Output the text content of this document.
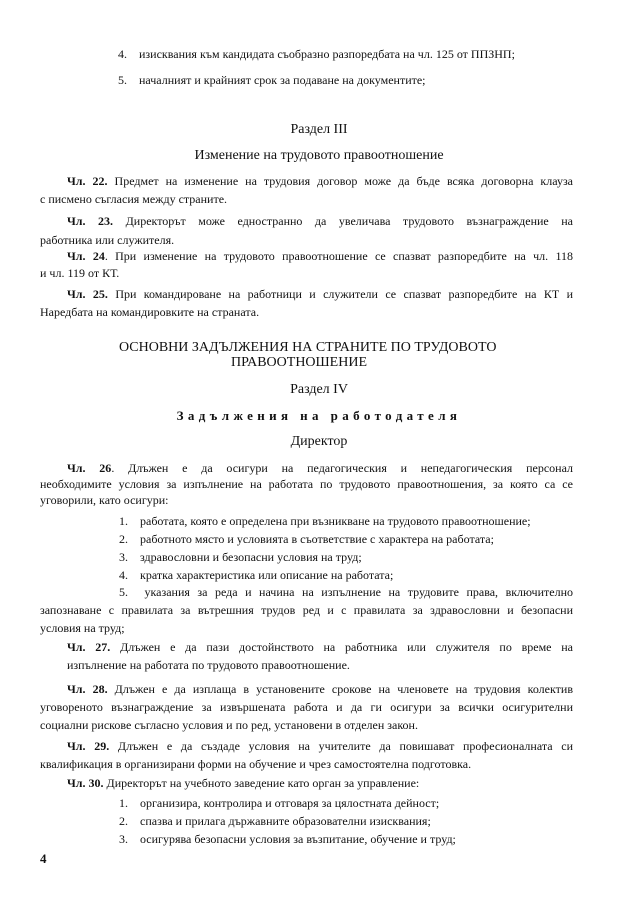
4. изисквания към кандидата съобразно разпоредбата на чл. 125 от ППЗНП;
5. началният и крайният срок за подаване на документите;
Раздел III
Изменение на трудовото правоотношение
Чл. 22. Предмет на изменение на трудовия договор може да бъде всяка договорна клауза
с писмено съгласия между страните.
Чл. 23. Директорът може едностранно да увеличава трудовото възнаграждение на
работника или служителя.
Чл. 24. При изменение на трудовото правоотношение се спазват разпоредбите на чл. 118
и чл. 119 от КТ.
Чл. 25. При командироване на работници и служители се спазват разпоредбите на КТ и
Наредбата на командировките на страната.
ОСНОВНИ ЗАДЪЛЖЕНИЯ НА СТРАНИТЕ ПО ТРУДОВОТО
ПРАВООТНОШЕНИЕ
Раздел IV
Задължения на работодателя
Директор
Чл. 26. Длъжен е да осигури на педагогическия и непедагогическия персонал
необходимите условия за изпълнение на работата по трудовото правоотношения, за която са се
уговорили, като осигури:
1. работата, която е определена при възникване на трудовото правоотношение;
2. работното място и условията в съответствие с характера на работата;
3. здравословни и безопасни условия на труд;
4. кратка характеристика или описание на работата;
5. указания за реда и начина на изпълнение на трудовите права, включително
запознаване с правилата за вътрешния трудов ред и с правилата за здравословни и безопасни
условия на труд;
Чл. 27. Длъжен е да пази достойнството на работника или служителя по време на
изпълнение на работата по трудовото правоотношение.
Чл. 28. Длъжен е да изплаща в установените срокове на членовете на трудовия колектив
уговореното възнаграждение за извършената работа и да ги осигури за всички осигурителни
социални рискове съгласно условия и по ред, установени в отделен закон.
Чл. 29. Длъжен е да създаде условия на учителите да повишават професионалната си
квалификация в организирани форми на обучение и чрез самостоятелна подготовка.
Чл. 30. Директорът на учебното заведение като орган за управление:
1. организира, контролира и отговаря за цялостната дейност;
2. спазва и прилага държавните образователни изисквания;
3. осигурява безопасни условия за възпитание, обучение и труд;
4
